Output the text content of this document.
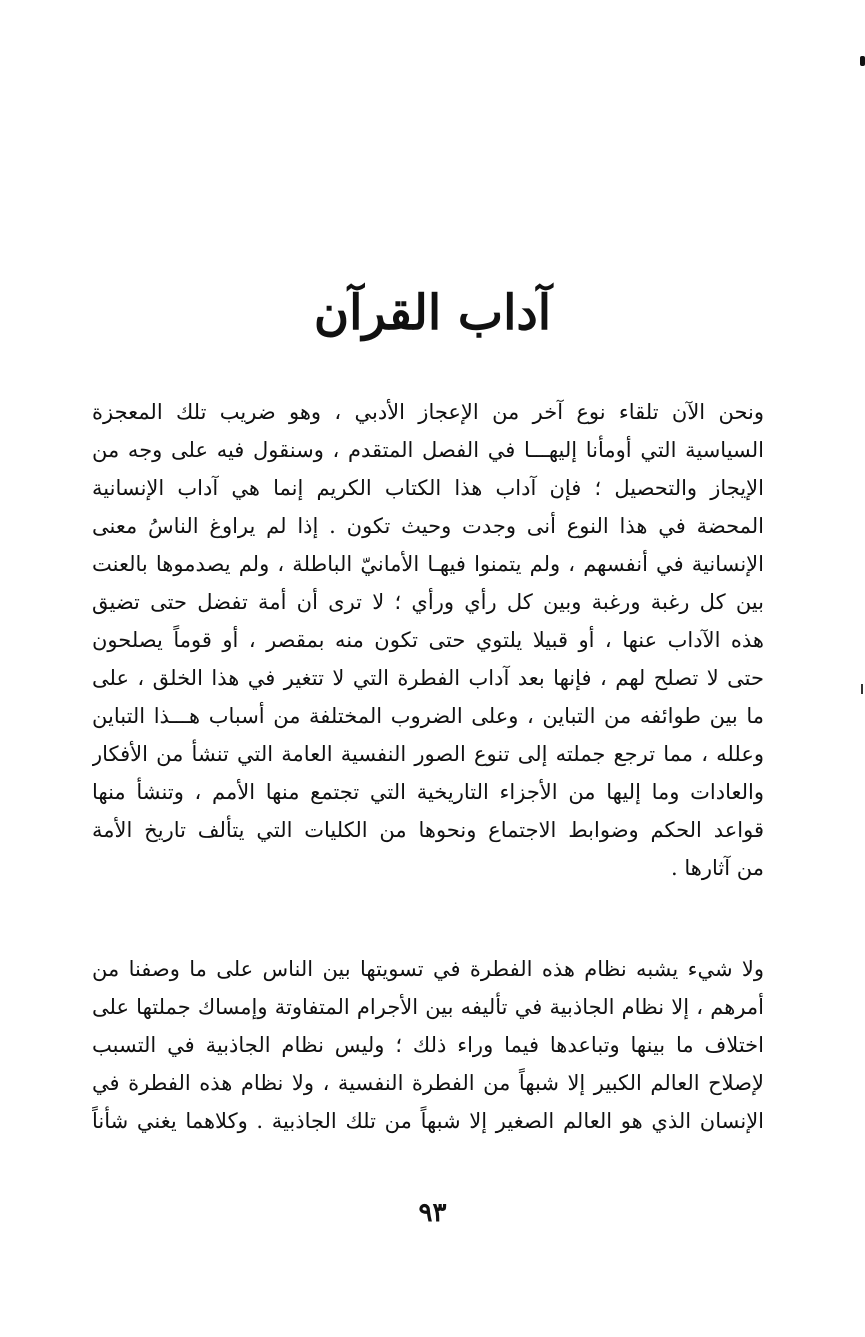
آداب القرآن
ونحن الآن تلقاء نوع آخر من الإعجاز الأدبي ، وهو ضريب تلك المعجزة
السياسية التي أومأنا إليهـــا في الفصل المتقدم ، وسنقول فيه على وجه من
الإيجاز والتحصيل ؛ فإن آداب هذا الكتاب الكريم إنما هي آداب الإنسانية
المحضة في هذا النوع أنى وجدت وحيث تكون . إذا لم يراوغ الناسُ معنى
الإنسانية في أنفسهم ، ولم يتمنوا فيهـا الأمانيّ الباطلة ، ولم يصدموها بالعنت
بين كل رغبة ورغبة وبين كل رأي ورأي ؛ لا ترى أن أمة تفضل حتى تضيق
هذه الآداب عنها ، أو قبيلا يلتوي حتى تكون منه بمقصر ، أو قوماً يصلحون
حتى لا تصلح لهم ، فإنها بعد آداب الفطرة التي لا تتغير في هذا الخلق ، على
ما بين طوائفه من التباين ، وعلى الضروب المختلفة من أسباب هـــذا التباين
وعلله ، مما ترجع جملته إلى تنوع الصور النفسية العامة التي تنشأ من الأفكار
والعادات وما إليها من الأجزاء التاريخية التي تجتمع منها الأمم ، وتنشأ منها
قواعد الحكم وضوابط الاجتماع ونحوها من الكليات التي يتألف تاريخ الأمة
من آثارها .
ولا شيء يشبه نظام هذه الفطرة في تسويتها بين الناس على ما وصفنا من
أمرهم ، إلا نظام الجاذبية في تأليفه بين الأجرام المتفاوتة وإمساك جملتها على
اختلاف ما بينها وتباعدها فيما وراء ذلك ؛ وليس نظام الجاذبية في التسبب
لإصلاح العالم الكبير إلا شبهاً من الفطرة النفسية ، ولا نظام هذه الفطرة في
الإنسان الذي هو العالم الصغير إلا شبهاً من تلك الجاذبية . وكلاهما يغني شأناً
٩٣
